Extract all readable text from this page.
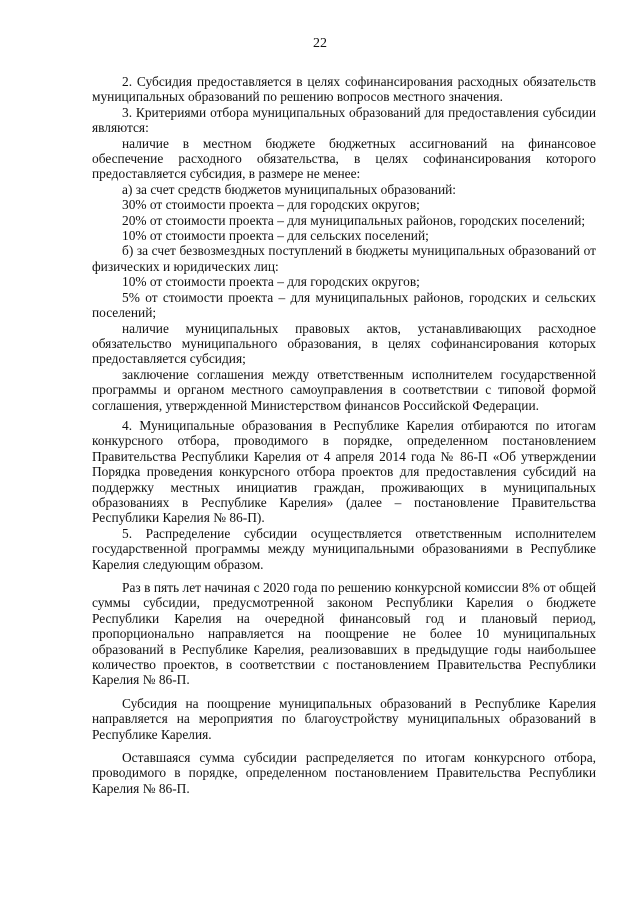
22

2. Субсидия предоставляется в целях софинансирования расходных обязательств муниципальных образований по решению вопросов местного значения.

3. Критериями отбора муниципальных образований для предоставления субсидии являются:

наличие в местном бюджете бюджетных ассигнований на финансовое обеспечение расходного обязательства, в целях софинансирования которого предоставляется субсидия, в размере не менее:

а) за счет средств бюджетов муниципальных образований:

30% от стоимости проекта – для городских округов;

20% от стоимости проекта – для муниципальных районов, городских поселений;

10% от стоимости проекта – для сельских поселений;

б) за счет безвозмездных поступлений в бюджеты муниципальных образований от физических и юридических лиц:

10% от стоимости проекта – для городских округов;

5% от стоимости проекта – для муниципальных районов, городских и сельских поселений;

наличие муниципальных правовых актов, устанавливающих расходное обязательство муниципального образования, в целях софинансирования которых предоставляется субсидия;

заключение соглашения между ответственным исполнителем государственной программы и органом местного самоуправления в соответствии с типовой формой соглашения, утвержденной Министерством финансов Российской Федерации.

4. Муниципальные образования в Республике Карелия отбираются по итогам конкурсного отбора, проводимого в порядке, определенном постановлением Правительства Республики Карелия от 4 апреля 2014 года № 86-П «Об утверждении Порядка проведения конкурсного отбора проектов для предоставления субсидий на поддержку местных инициатив граждан, проживающих в муниципальных образованиях в Республике Карелия» (далее – постановление Правительства Республики Карелия № 86-П).

5. Распределение субсидии осуществляется ответственным исполнителем государственной программы между муниципальными образованиями в Республике Карелия следующим образом.

Раз в пять лет начиная с 2020 года по решению конкурсной комиссии 8% от общей суммы субсидии, предусмотренной законом Республики Карелия о бюджете Республики Карелия на очередной финансовый год и плановый период, пропорционально направляется на поощрение не более 10 муниципальных образований в Республике Карелия, реализовавших в предыдущие годы наибольшее количество проектов, в соответствии с постановлением Правительства Республики Карелия № 86-П.

Субсидия на поощрение муниципальных образований в Республике Карелия направляется на мероприятия по благоустройству муниципальных образований в Республике Карелия.

Оставшаяся сумма субсидии распределяется по итогам конкурсного отбора, проводимого в порядке, определенном постановлением Правительства Республики Карелия № 86-П.
